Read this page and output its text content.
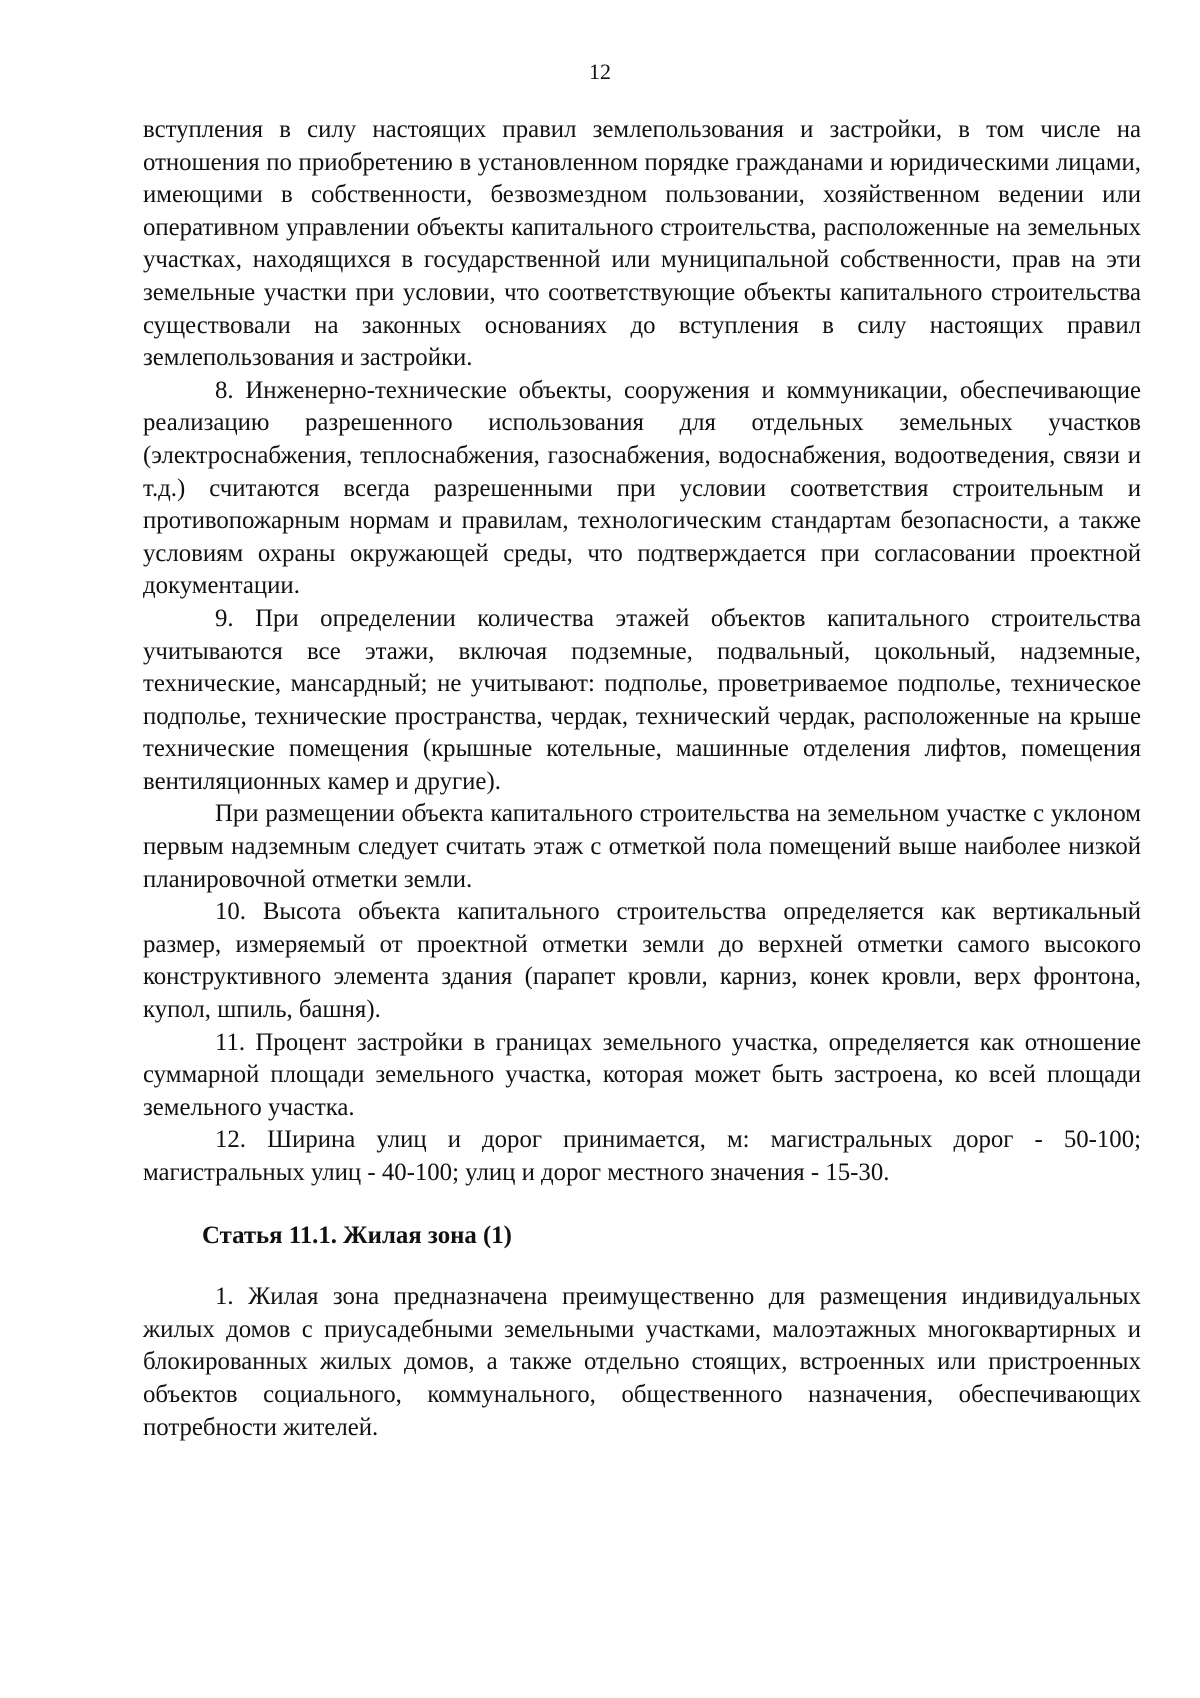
12

вступления в силу настоящих правил землепользования и застройки, в том числе на отношения по приобретению в установленном порядке гражданами и юридическими лицами, имеющими в собственности, безвозмездном пользовании, хозяйственном ведении или оперативном управлении объекты капитального строительства, расположенные на земельных участках, находящихся в государственной или муниципальной собственности, прав на эти земельные участки при условии, что соответствующие объекты капитального строительства существовали на законных основаниях до вступления в силу настоящих правил землепользования и застройки.

8. Инженерно-технические объекты, сооружения и коммуникации, обеспечивающие реализацию разрешенного использования для отдельных земельных участков (электроснабжения, теплоснабжения, газоснабжения, водоснабжения, водоотведения, связи и т.д.) считаются всегда разрешенными при условии соответствия строительным и противопожарным нормам и правилам, технологическим стандартам безопасности, а также условиям охраны окружающей среды, что подтверждается при согласовании проектной документации.

9. При определении количества этажей объектов капитального строительства учитываются все этажи, включая подземные, подвальный, цокольный, надземные, технические, мансардный; не учитывают: подполье, проветриваемое подполье, техническое подполье, технические пространства, чердак, технический чердак, расположенные на крыше технические помещения (крышные котельные, машинные отделения лифтов, помещения вентиляционных камер и другие).

При размещении объекта капитального строительства на земельном участке с уклоном первым надземным следует считать этаж с отметкой пола помещений выше наиболее низкой планировочной отметки земли.

10. Высота объекта капитального строительства определяется как вертикальный размер, измеряемый от проектной отметки земли до верхней отметки самого высокого конструктивного элемента здания (парапет кровли, карниз, конек кровли, верх фронтона, купол, шпиль, башня).

11. Процент застройки в границах земельного участка, определяется как отношение суммарной площади земельного участка, которая может быть застроена, ко всей площади земельного участка.

12. Ширина улиц и дорог принимается, м: магистральных дорог - 50-100; магистральных улиц - 40-100; улиц и дорог местного значения - 15-30.

Статья 11.1. Жилая зона (1)

1. Жилая зона предназначена преимущественно для размещения индивидуальных жилых домов с приусадебными земельными участками, малоэтажных многоквартирных и блокированных жилых домов, а также отдельно стоящих, встроенных или пристроенных объектов социального, коммунального, общественного назначения, обеспечивающих потребности жителей.
